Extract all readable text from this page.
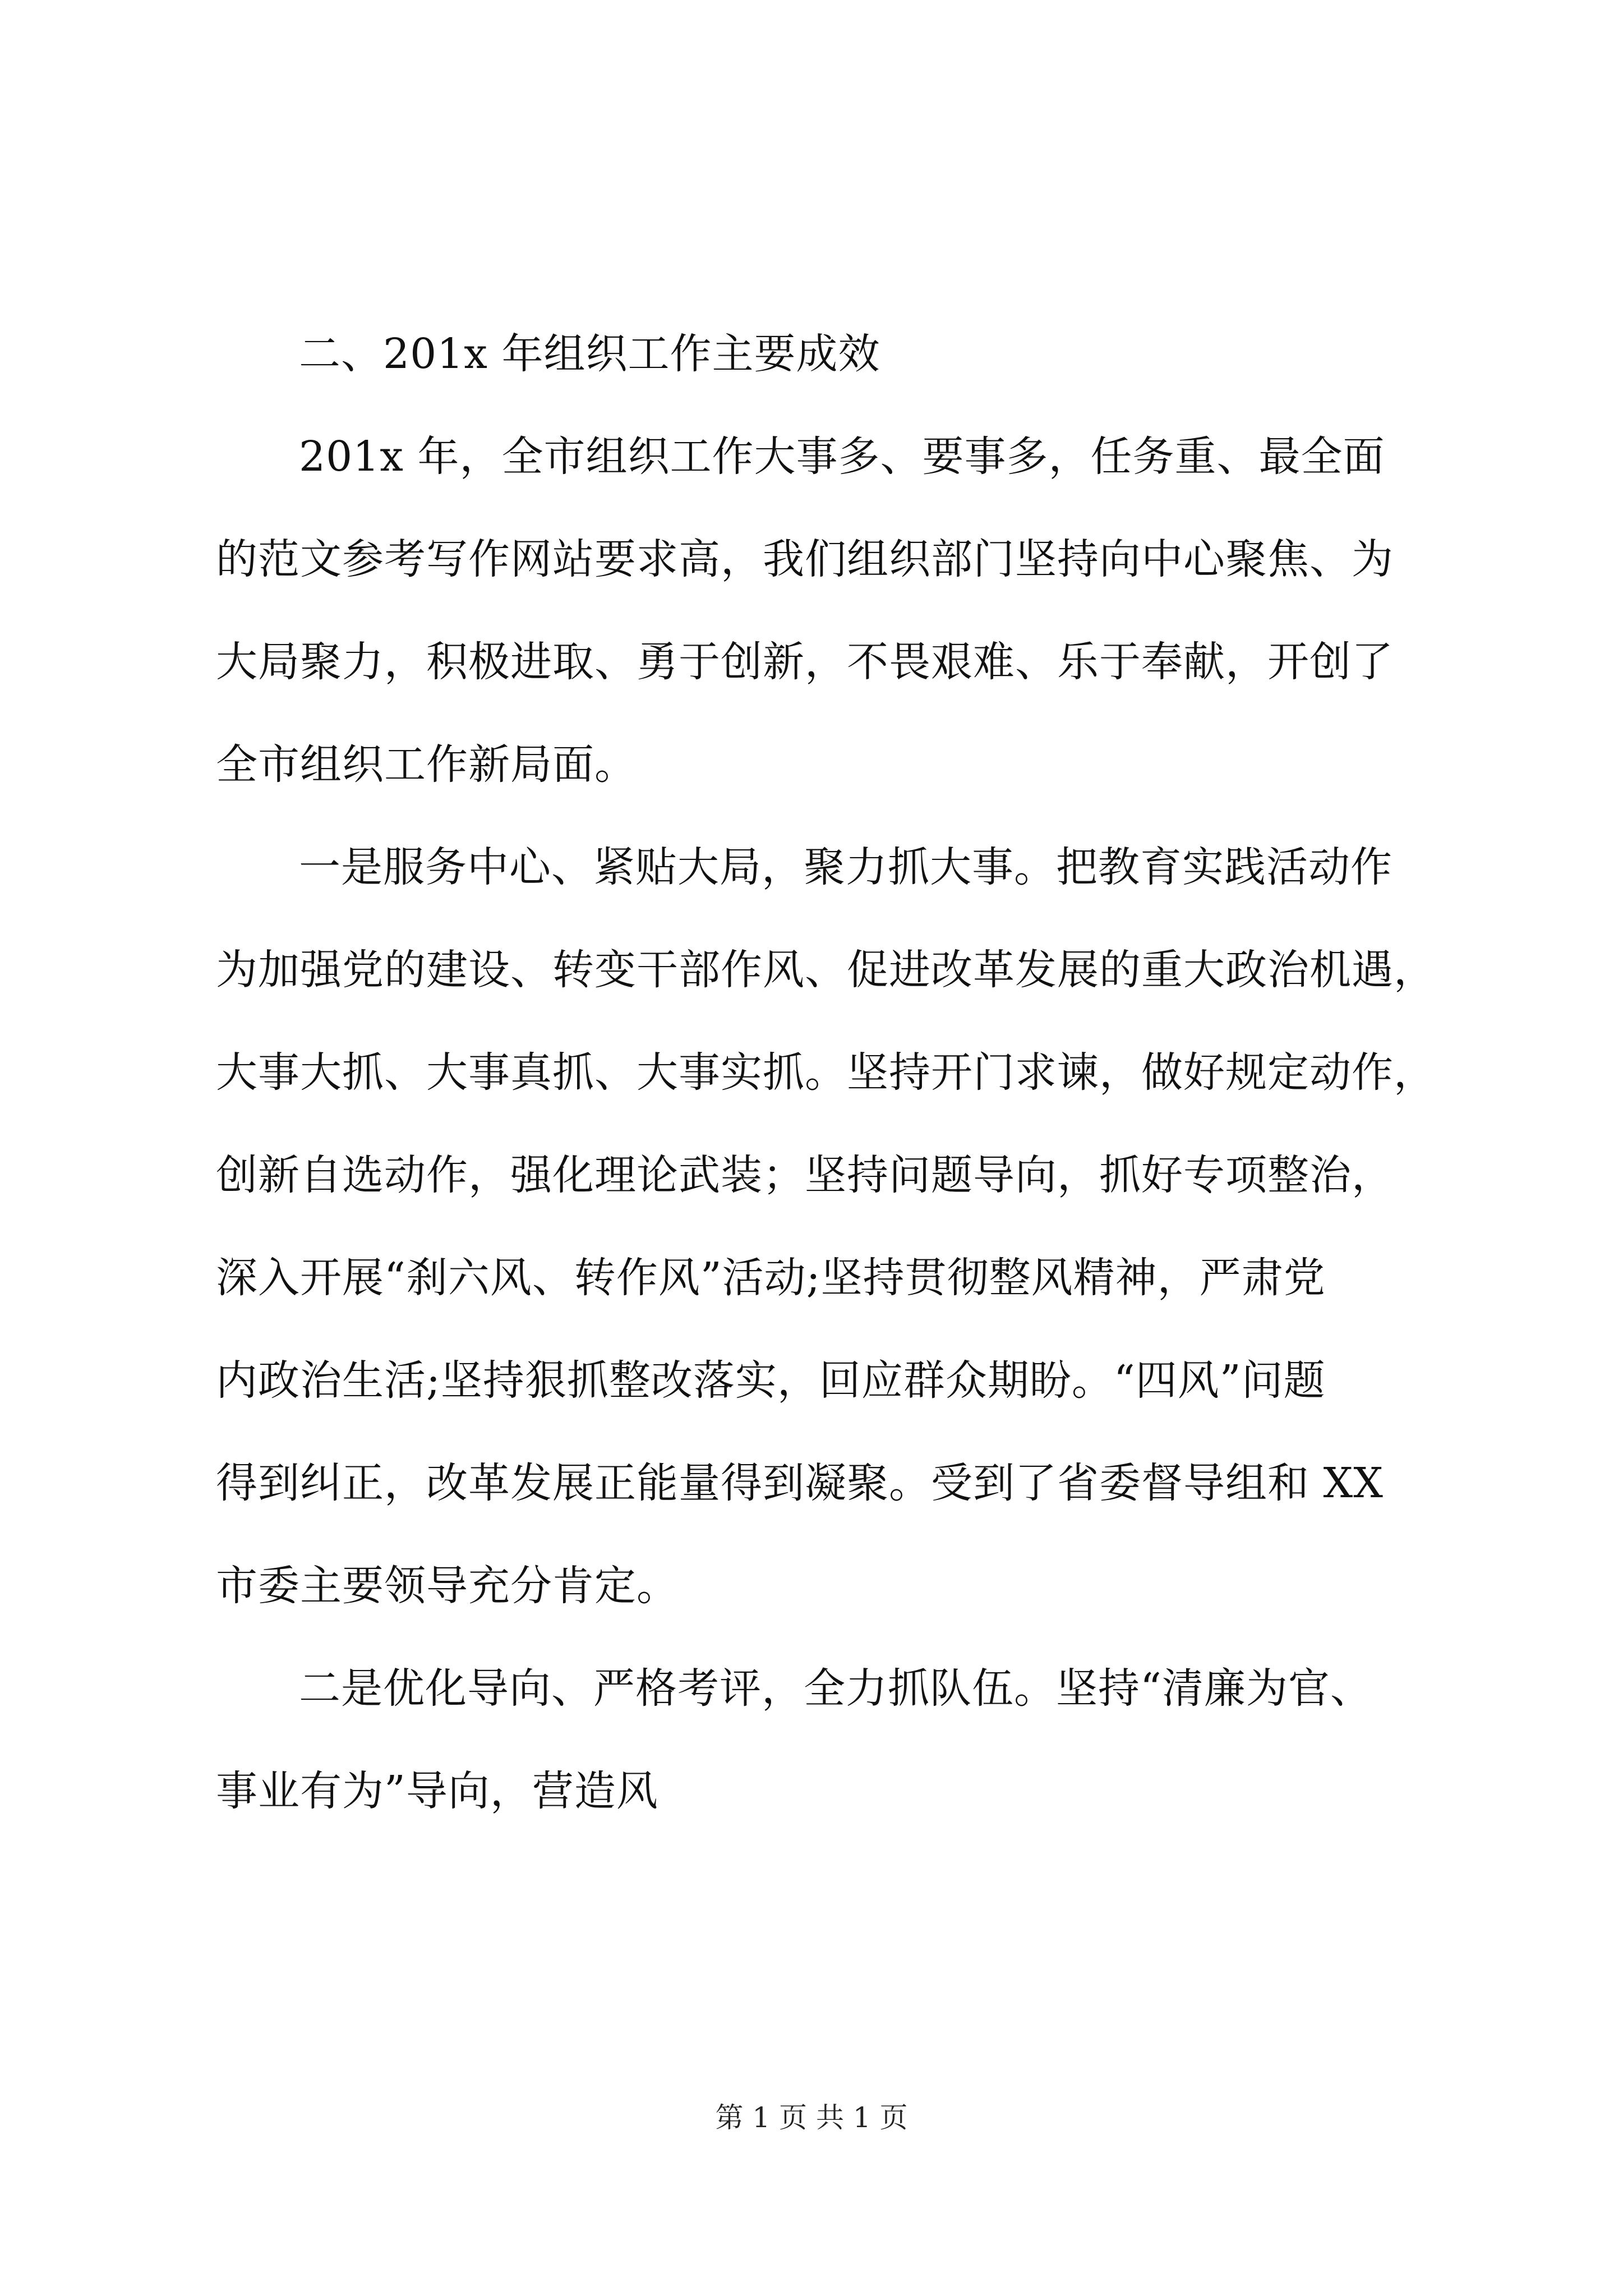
二、201x 年组织工作主要成效
201x 年，全市组织工作大事多、要事多，任务重、最全面
的范文参考写作网站要求高，我们组织部门坚持向中心聚焦、为
大局聚力，积极进取、勇于创新，不畏艰难、乐于奉献，开创了
全市组织工作新局面。
一是服务中心、紧贴大局，聚力抓大事。把教育实践活动作
为加强党的建设、转变干部作风、促进改革发展的重大政治机遇，
大事大抓、大事真抓、大事实抓。坚持开门求谏，做好规定动作，
创新自选动作，强化理论武装；坚持问题导向，抓好专项整治，
深入开展“刹六风、转作风”活动;坚持贯彻整风精神，严肃党
内政治生活;坚持狠抓整改落实，回应群众期盼。“四风”问题
得到纠正，改革发展正能量得到凝聚。受到了省委督导组和 XX
市委主要领导充分肯定。
二是优化导向、严格考评，全力抓队伍。坚持“清廉为官、
事业有为”导向，营造风
第 1 页 共 1 页
